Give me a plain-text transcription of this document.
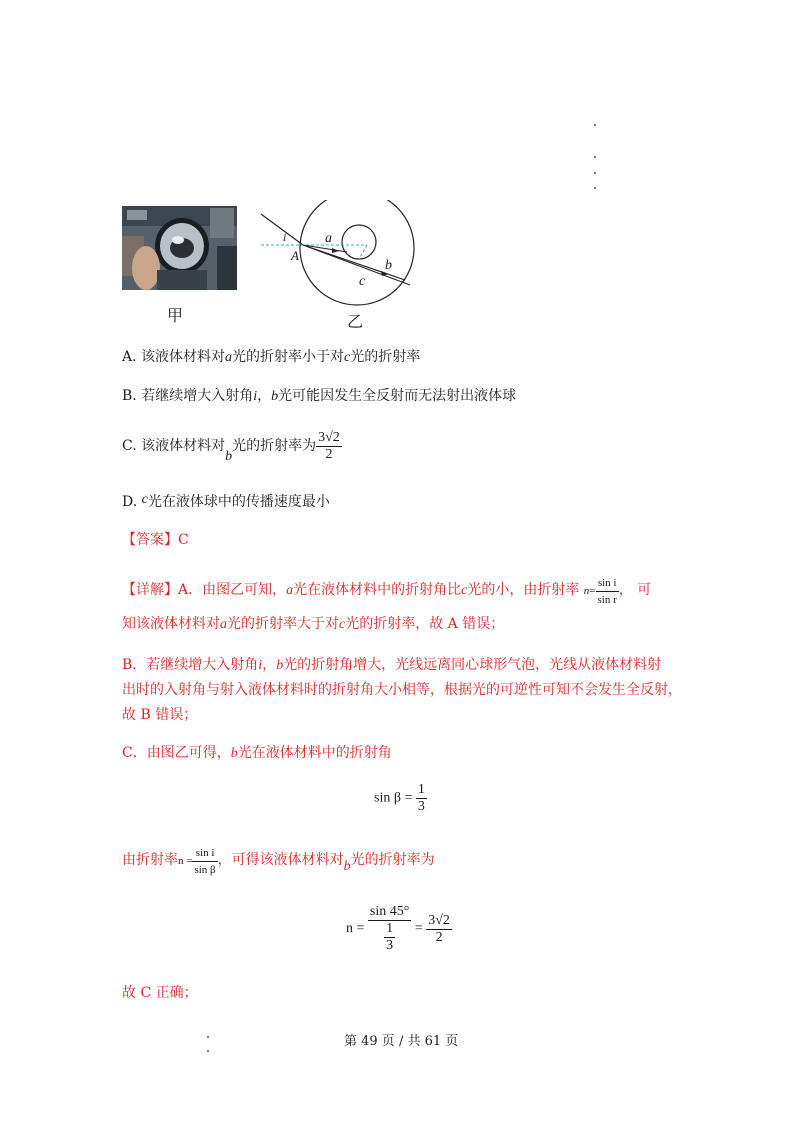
甲
i
A
a
b
c
乙
A. 该液体材料对a光的折射率小于对c光的折射率
B. 若继续增大入射角i，b光可能因发生全反射而无法射出液体球
C. 该液体材料对b光的折射率为 $\frac{3√2}{2}$
D. c光在液体球中的传播速度最小
【答案】C
【详解】A．由图乙可知，a光在液体材料中的折射角比c光的小，由折射率 $n= \frac{\text{sin i}}{\text{sin r}}$ ， 可
知该液体材料对a光的折射率大于对c光的折射率，故 A 错误；
B．若继续增大入射角i，b光的折射角增大，光线远离同心球形气泡，光线从液体材料射
出时的入射角与射入液体材料时的折射角大小相等，根据光的可逆性可知不会发生全反射，
故 B 错误；
C．由图乙可得，b光在液体材料中的折射角
$\sin \beta = \frac{1}{3}$
由折射率$n = \frac{\text{sin i}}{\text{sin β}}$ ，可得该液体材料对b光的折射率为
$n = \frac{\sin 45^\circ}{\frac{1}{3}} = \frac{3√2}{2}$
故 C 正确；
第 49 页 / 共 61 页
